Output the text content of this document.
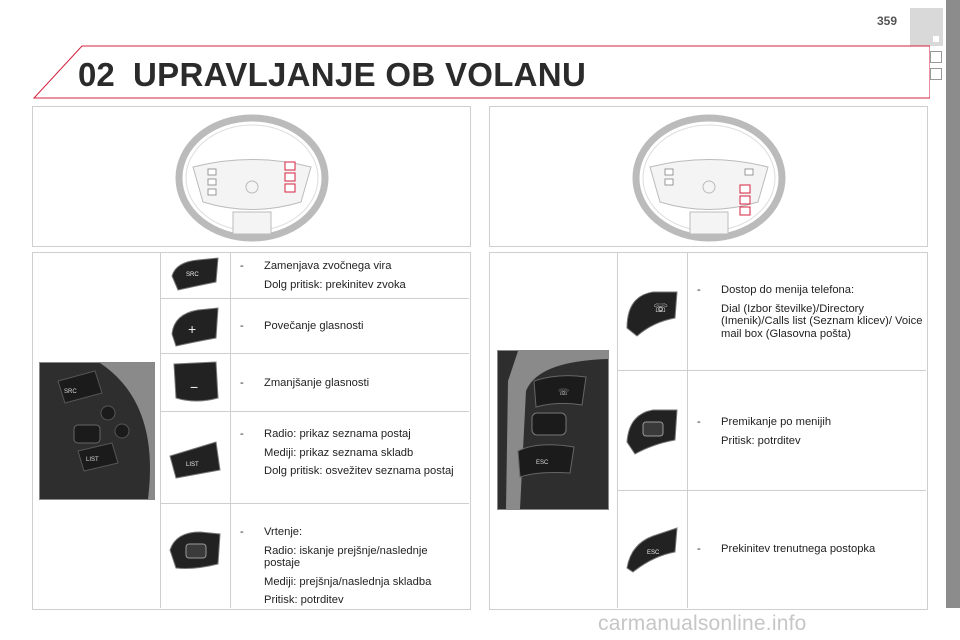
359
02 UPRAVLJANJE OB VOLANU
SRC
LIST
SRC
+
−
LIST
- Zamenjava zvočnega vira
Dolg pritisk: prekinitev zvoka
- Povečanje glasnosti
- Zmanjšanje glasnosti
- Radio: prikaz seznama postaj
Mediji: prikaz seznama skladb
Dolg pritisk: osvežitev seznama postaj
- Vrtenje:
Radio: iskanje prejšnje/naslednje postaje
Mediji: prejšnja/naslednja skladba
Pritisk: potrditev
☏
ESC
☏
ESC
- Dostop do menija telefona:
Dial (Izbor številke)/Directory (Imenik)/Calls list (Seznam klicev)/ Voice mail box (Glasovna pošta)
- Premikanje po menijih
Pritisk: potrditev
- Prekinitev trenutnega postopka
carmanualsonline.info
